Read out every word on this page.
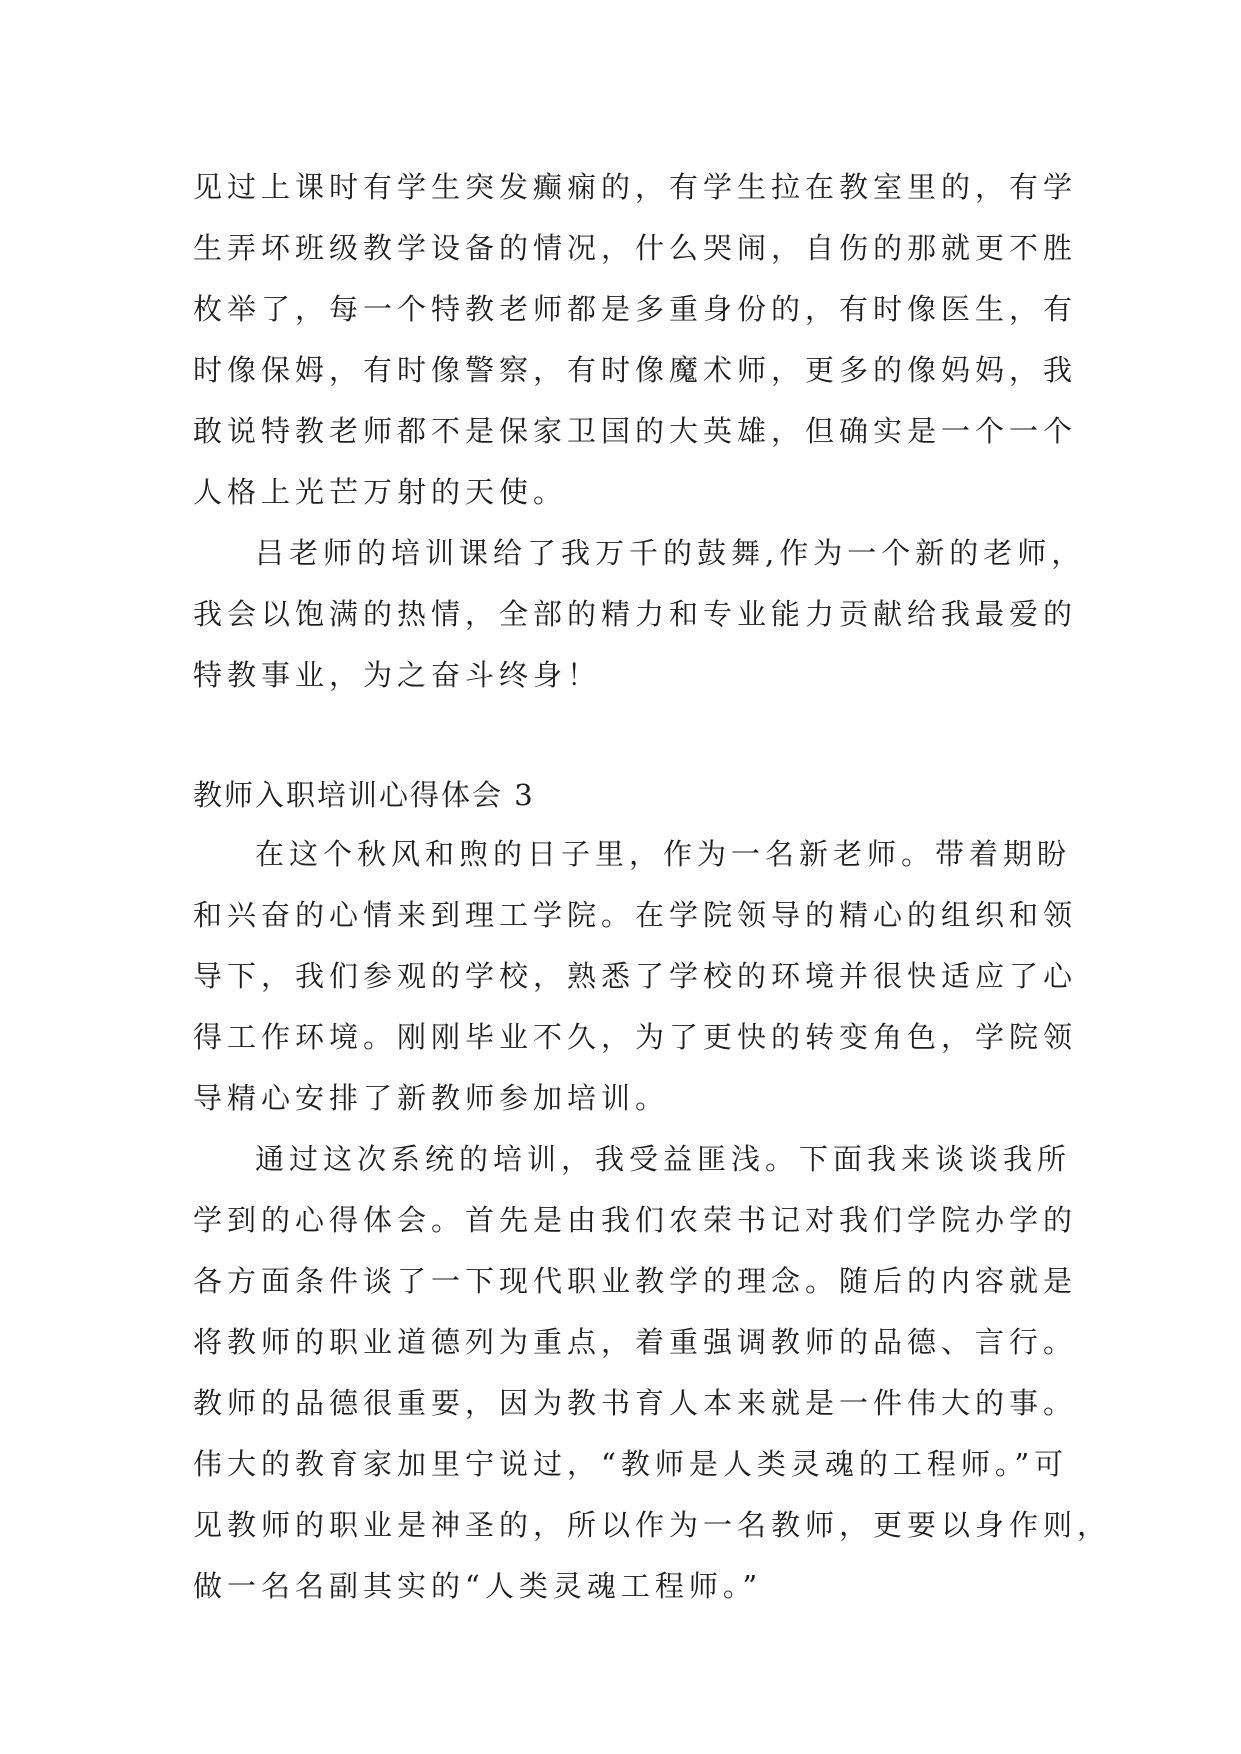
见过上课时有学生突发癫痫的，有学生拉在教室里的，有学
生弄坏班级教学设备的情况，什么哭闹，自伤的那就更不胜
枚举了，每一个特教老师都是多重身份的，有时像医生，有
时像保姆，有时像警察，有时像魔术师，更多的像妈妈，我
敢说特教老师都不是保家卫国的大英雄，但确实是一个一个
人格上光芒万射的天使。
吕老师的培训课给了我万千的鼓舞,作为一个新的老师，
我会以饱满的热情，全部的精力和专业能力贡献给我最爱的
特教事业，为之奋斗终身！
教师入职培训心得体会 3
在这个秋风和煦的日子里，作为一名新老师。带着期盼
和兴奋的心情来到理工学院。在学院领导的精心的组织和领
导下，我们参观的学校，熟悉了学校的环境并很快适应了心
得工作环境。刚刚毕业不久，为了更快的转变角色，学院领
导精心安排了新教师参加培训。
通过这次系统的培训，我受益匪浅。下面我来谈谈我所
学到的心得体会。首先是由我们农荣书记对我们学院办学的
各方面条件谈了一下现代职业教学的理念。随后的内容就是
将教师的职业道德列为重点，着重强调教师的品德、言行。
教师的品德很重要，因为教书育人本来就是一件伟大的事。
伟大的教育家加里宁说过，“教师是人类灵魂的工程师。”可
见教师的职业是神圣的，所以作为一名教师，更要以身作则，
做一名名副其实的“人类灵魂工程师。”
